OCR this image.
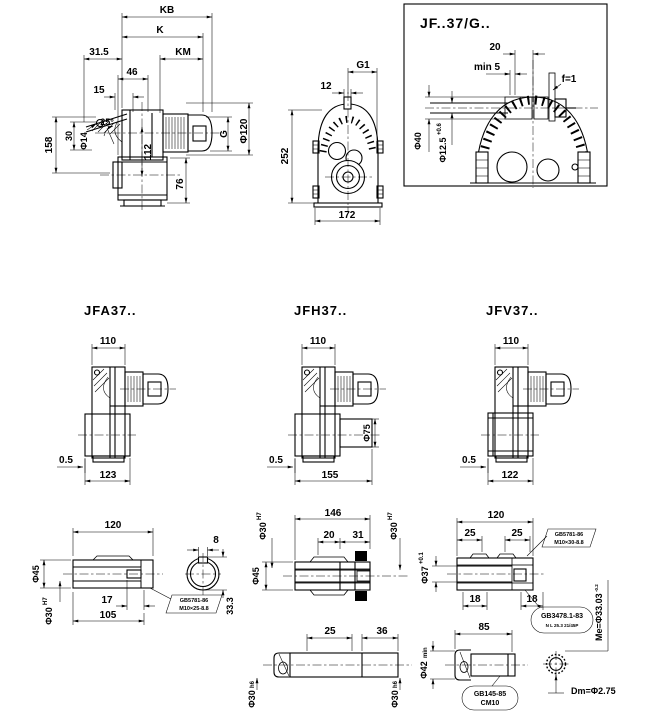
KB
K
31.5	KM
46
15
25°
Φ14
30
158	112
76
G Φ120
12
G1
252
172
JF..37/G..
20
min 5
f=1
Φ40 Φ12.5
+0.6
JFA37..
110
0.5
123
JFH37..
110
Φ75
0.5
155
JFV37..
110
0.5
122
120
Φ45
Φ30
H7	17
105
8
33.3
GB5781-86
M10×25-8.8
146
20 31
Φ30
H7
Φ30
H7
Φ45
25	36
Φ30
h6
Φ30
h6
120
25	25
Φ37
+0.1
18	18
85
GB5781-86
M10×30-8.8
GB3478.1-83
N L 25.3 21/45P Me=Φ33.03
-0.2
Φ42
min
GB145-85
CM10
Dm=Φ2.75
